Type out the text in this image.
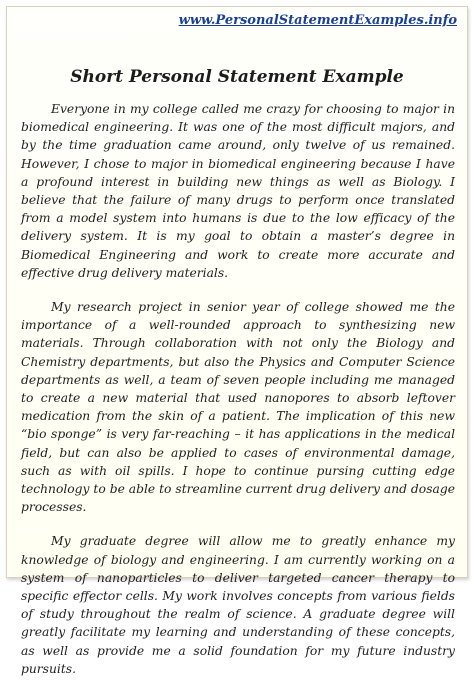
www.PersonalStatementExamples.info
Short Personal Statement Example

Everyone in my college called me crazy for choosing to major in biomedical engineering. It was one of the most difficult majors, and by the time graduation came around, only twelve of us remained. However, I chose to major in biomedical engineering because I have a profound interest in building new things as well as Biology. I believe that the failure of many drugs to perform once translated from a model system into humans is due to the low efficacy of the delivery system. It is my goal to obtain a master’s degree in Biomedical Engineering and work to create more accurate and effective drug delivery materials.

My research project in senior year of college showed me the importance of a well-rounded approach to synthesizing new materials. Through collaboration with not only the Biology and Chemistry departments, but also the Physics and Computer Science departments as well, a team of seven people including me managed to create a new material that used nanopores to absorb leftover medication from the skin of a patient. The implication of this new “bio sponge” is very far-reaching – it has applications in the medical field, but can also be applied to cases of environmental damage, such as with oil spills. I hope to continue pursing cutting edge technology to be able to streamline current drug delivery and dosage processes.

My graduate degree will allow me to greatly enhance my knowledge of biology and engineering. I am currently working on a system of nanoparticles to deliver targeted cancer therapy to specific effector cells. My work involves concepts from various fields of study throughout the realm of science. A graduate degree will greatly facilitate my learning and understanding of these concepts, as well as provide me a solid foundation for my future industry pursuits.
